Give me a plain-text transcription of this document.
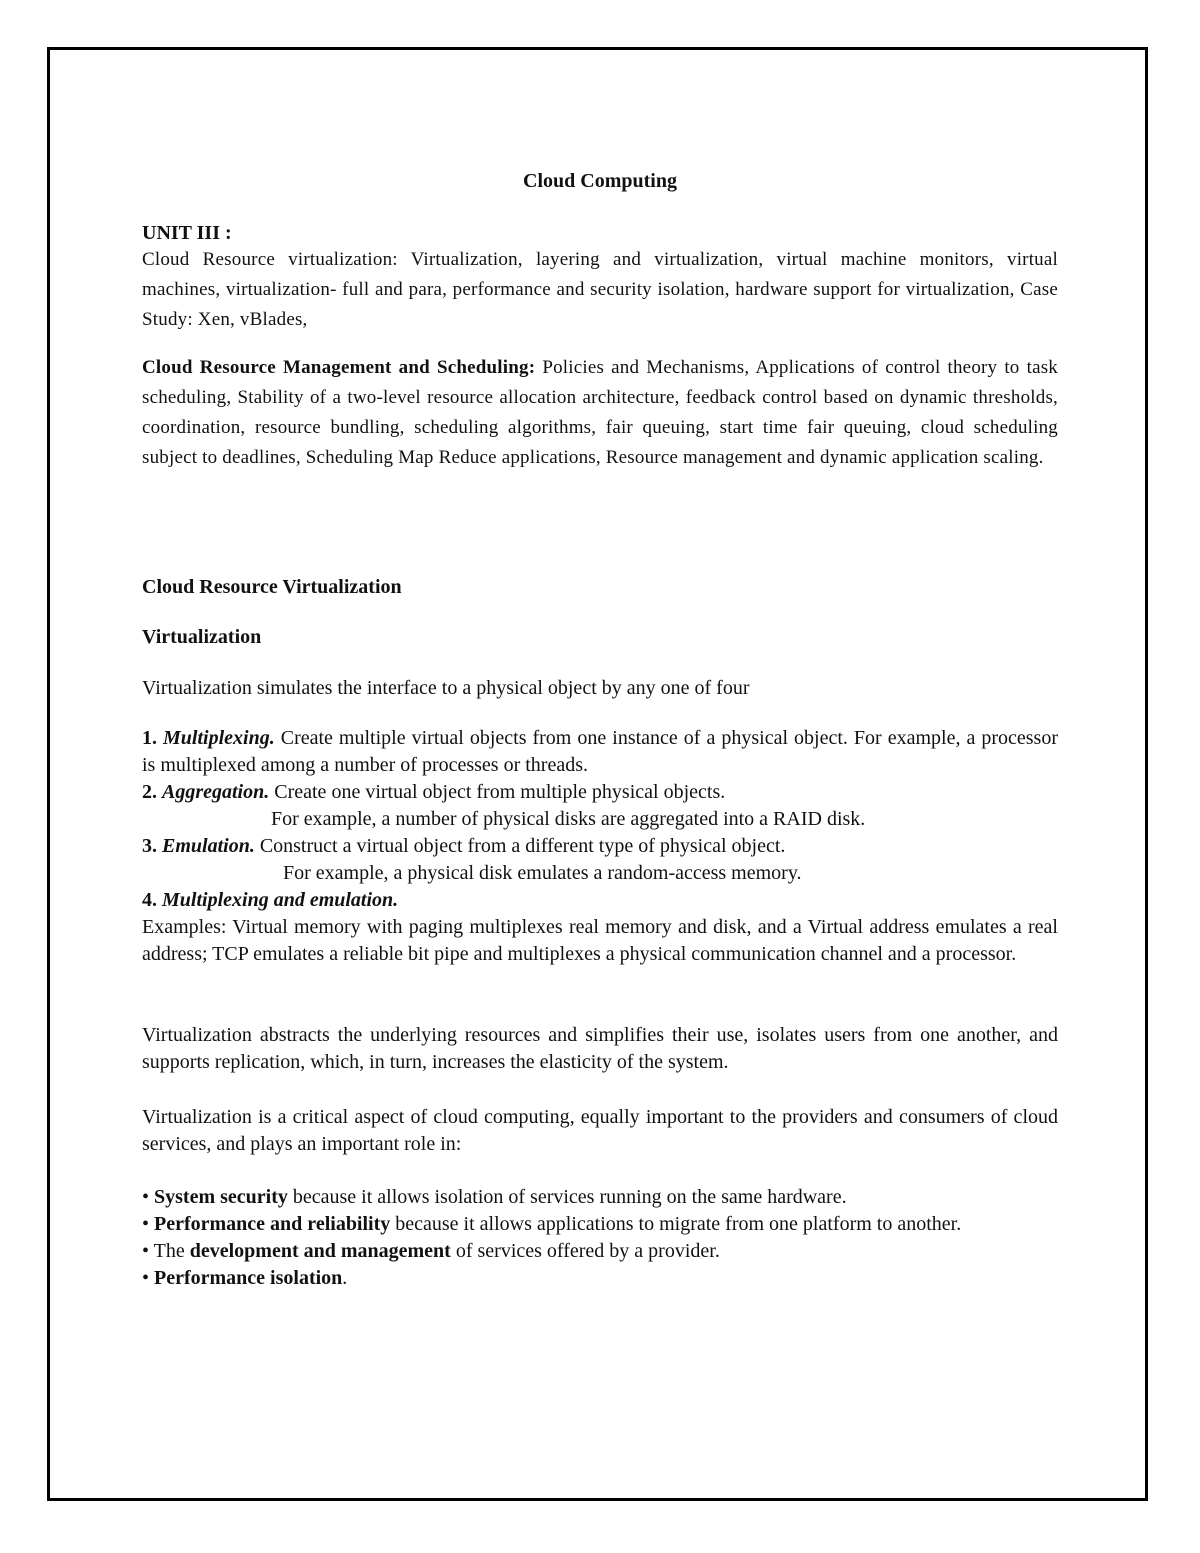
Cloud Computing
UNIT III :
Cloud Resource virtualization: Virtualization, layering and virtualization, virtual machine monitors, virtual machines, virtualization- full and para, performance and security isolation, hardware support for virtualization, Case Study: Xen, vBlades,
Cloud Resource Management and Scheduling: Policies and Mechanisms, Applications of control theory to task scheduling, Stability of a two-level resource allocation architecture, feedback control based on dynamic thresholds, coordination, resource bundling, scheduling algorithms, fair queuing, start time fair queuing, cloud scheduling subject to deadlines, Scheduling Map Reduce applications, Resource management and dynamic application scaling.
Cloud Resource Virtualization
Virtualization
Virtualization simulates the interface to a physical object by any one of four
1. Multiplexing. Create multiple virtual objects from one instance of a physical object. For example, a processor is multiplexed among a number of processes or threads.
2. Aggregation. Create one virtual object from multiple physical objects.
For example, a number of physical disks are aggregated into a RAID disk.
3. Emulation. Construct a virtual object from a different type of physical object.
For example, a physical disk emulates a random-access memory.
4. Multiplexing and emulation.
Examples: Virtual memory with paging multiplexes real memory and disk, and a Virtual address emulates a real address; TCP emulates a reliable bit pipe and multiplexes a physical communication channel and a processor.
Virtualization abstracts the underlying resources and simplifies their use, isolates users from one another, and supports replication, which, in turn, increases the elasticity of the system.
Virtualization is a critical aspect of cloud computing, equally important to the providers and consumers of cloud services, and plays an important role in:
• System security because it allows isolation of services running on the same hardware.
• Performance and reliability because it allows applications to migrate from one platform to another.
• The development and management of services offered by a provider.
• Performance isolation.
